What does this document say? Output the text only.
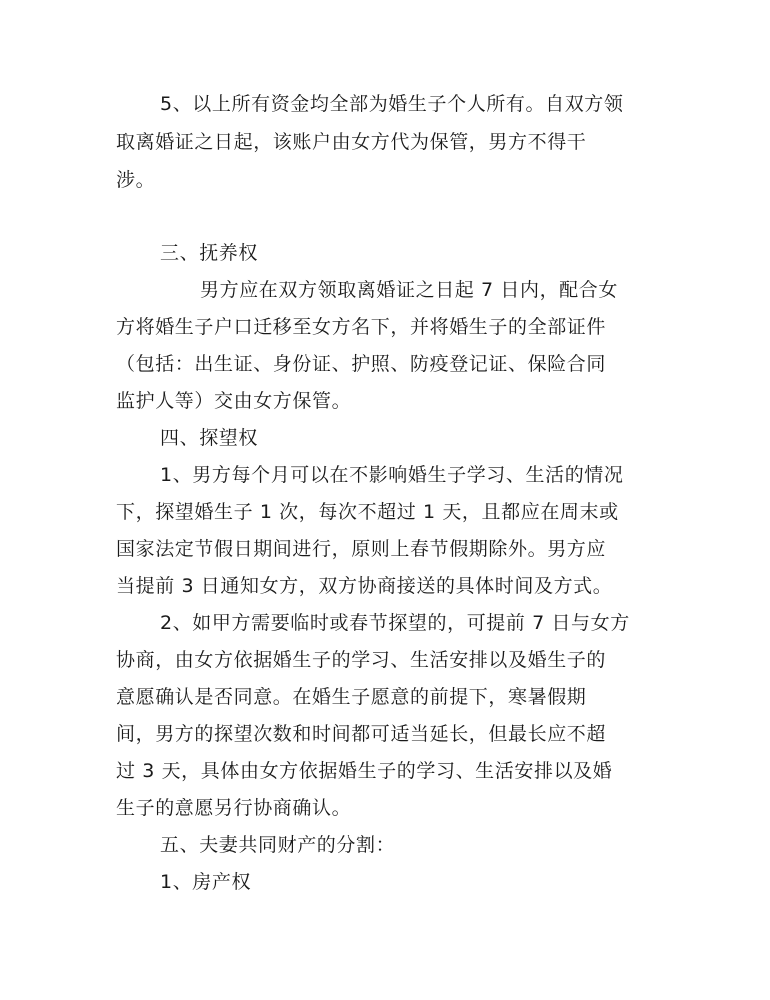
5、以上所有资金均全部为婚生子个人所有。自双方领
取离婚证之日起，该账户由女方代为保管，男方不得干
涉。
三、抚养权
男方应在双方领取离婚证之日起 7 日内，配合女
方将婚生子户口迁移至女方名下，并将婚生子的全部证件
（包括：出生证、身份证、护照、防疫登记证、保险合同
监护人等）交由女方保管。
四、探望权
1、男方每个月可以在不影响婚生子学习、生活的情况
下，探望婚生子 1 次，每次不超过 1 天，且都应在周末或
国家法定节假日期间进行，原则上春节假期除外。男方应
当提前 3 日通知女方，双方协商接送的具体时间及方式。
2、如甲方需要临时或春节探望的，可提前 7 日与女方
协商，由女方依据婚生子的学习、生活安排以及婚生子的
意愿确认是否同意。在婚生子愿意的前提下，寒暑假期
间，男方的探望次数和时间都可适当延长，但最长应不超
过 3 天，具体由女方依据婚生子的学习、生活安排以及婚
生子的意愿另行协商确认。
五、夫妻共同财产的分割：
1、房产权
